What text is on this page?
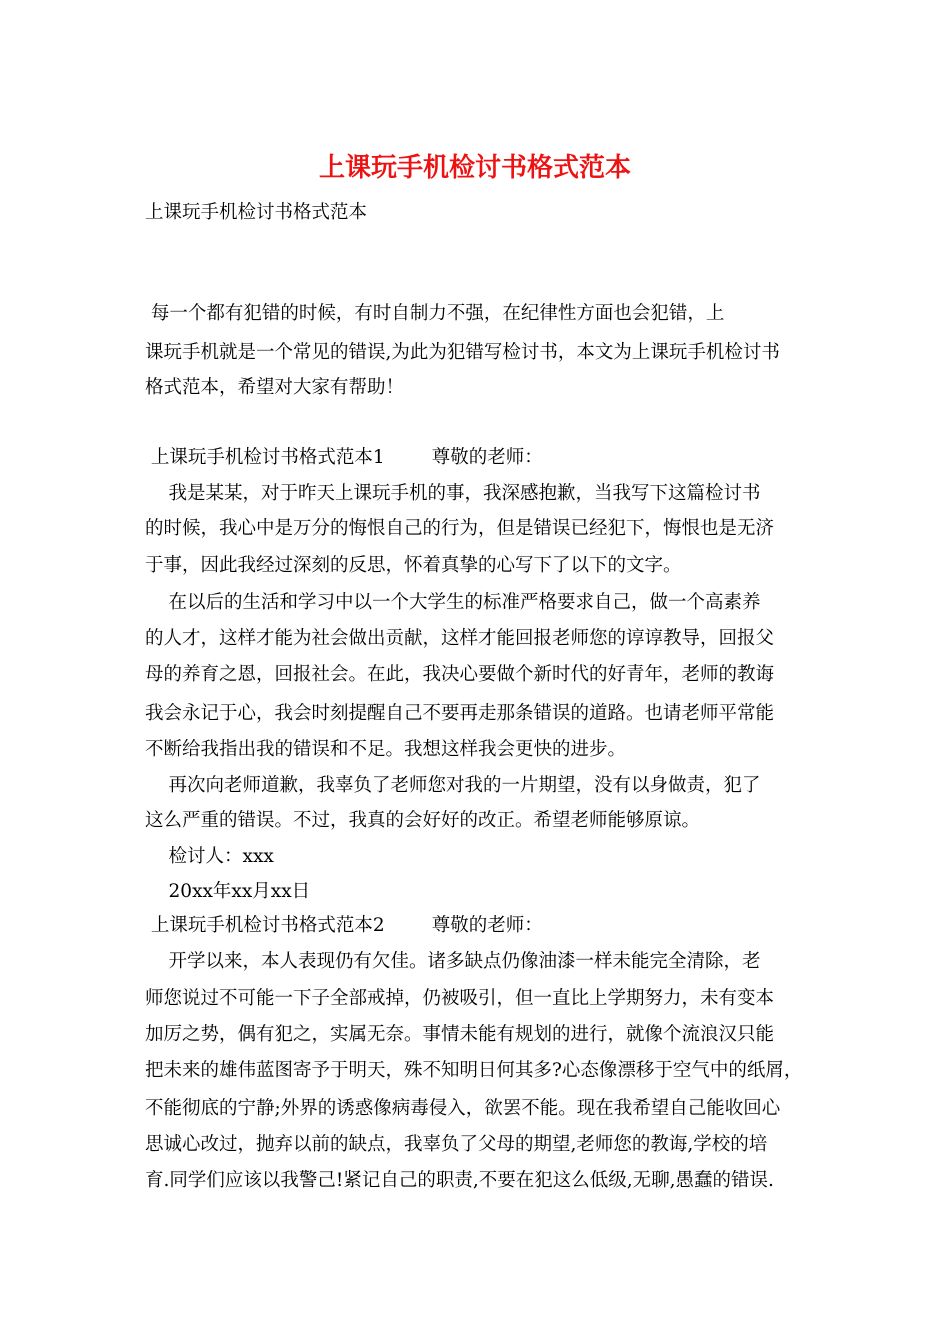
上课玩手机检讨书格式范本
上课玩手机检讨书格式范本
每一个都有犯错的时候，有时自制力不强，在纪律性方面也会犯错，上
课玩手机就是一个常见的错误,为此为犯错写检讨书，本文为上课玩手机检讨书
格式范本，希望对大家有帮助！
上课玩手机检讨书格式范本1        尊敬的老师：
我是某某，对于昨天上课玩手机的事，我深感抱歉，当我写下这篇检讨书
的时候，我心中是万分的悔恨自己的行为，但是错误已经犯下，悔恨也是无济
于事，因此我经过深刻的反思，怀着真挚的心写下了以下的文字。
在以后的生活和学习中以一个大学生的标准严格要求自己，做一个高素养
的人才，这样才能为社会做出贡献，这样才能回报老师您的谆谆教导，回报父
母的养育之恩，回报社会。在此，我决心要做个新时代的好青年，老师的教诲
我会永记于心，我会时刻提醒自己不要再走那条错误的道路。也请老师平常能
不断给我指出我的错误和不足。我想这样我会更快的进步。
再次向老师道歉，我辜负了老师您对我的一片期望，没有以身做责，犯了
这么严重的错误。不过，我真的会好好的改正。希望老师能够原谅。
检讨人：xxx
20xx年xx月xx日
上课玩手机检讨书格式范本2        尊敬的老师：
开学以来，本人表现仍有欠佳。诸多缺点仍像油漆一样未能完全清除，老
师您说过不可能一下子全部戒掉，仍被吸引，但一直比上学期努力，未有变本
加厉之势，偶有犯之，实属无奈。事情未能有规划的进行，就像个流浪汉只能
把未来的雄伟蓝图寄予于明天，殊不知明日何其多?心态像漂移于空气中的纸屑，
不能彻底的宁静;外界的诱惑像病毒侵入，欲罢不能。现在我希望自己能收回心
思诚心改过，抛弃以前的缺点，我辜负了父母的期望,老师您的教诲,学校的培
育.同学们应该以我警己!紧记自己的职责,不要在犯这么低级,无聊,愚蠢的错误.
